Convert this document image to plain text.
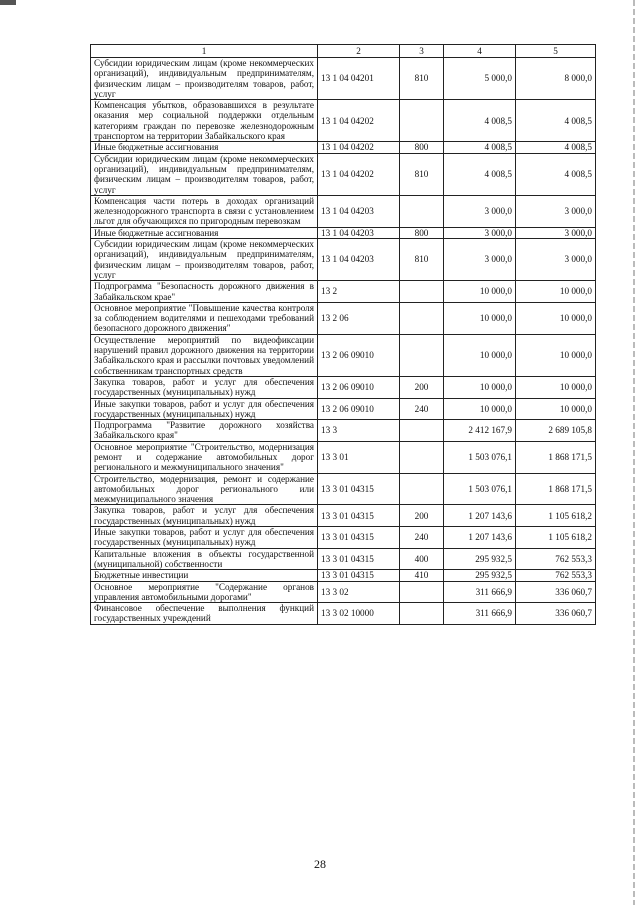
1	2	3	4	5
Субсидии юридическим лицам (кроме некоммерческих организаций), индивидуальным предпринимателям, физическим лицам – производителям товаров, работ, услуг	13 1 04 04201	810	5 000,0	8 000,0
Компенсация убытков, образовавшихся в результате оказания мер социальной поддержки отдельным категориям граждан по перевозке железнодорожным транспортом на территории Забайкальского края	13 1 04 04202		4 008,5	4 008,5
Иные бюджетные ассигнования	13 1 04 04202	800	4 008,5	4 008,5
Субсидии юридическим лицам (кроме некоммерческих организаций), индивидуальным предпринимателям, физическим лицам – производителям товаров, работ, услуг	13 1 04 04202	810	4 008,5	4 008,5
Компенсация части потерь в доходах организаций железнодорожного транспорта в связи с установлением льгот для обучающихся по пригородным перевозкам	13 1 04 04203		3 000,0	3 000,0
Иные бюджетные ассигнования	13 1 04 04203	800	3 000,0	3 000,0
Субсидии юридическим лицам (кроме некоммерческих организаций), индивидуальным предпринимателям, физическим лицам – производителям товаров, работ, услуг	13 1 04 04203	810	3 000,0	3 000,0
Подпрограмма "Безопасность дорожного движения в Забайкальском крае"	13 2		10 000,0	10 000,0
Основное мероприятие "Повышение качества контроля за соблюдением водителями и пешеходами требований безопасного дорожного движения"	13 2 06		10 000,0	10 000,0
Осуществление мероприятий по видеофиксации нарушений правил дорожного движения на территории Забайкальского края и рассылки почтовых уведомлений собственникам транспортных средств	13 2 06 09010		10 000,0	10 000,0
Закупка товаров, работ и услуг для обеспечения государственных (муниципальных) нужд	13 2 06 09010	200	10 000,0	10 000,0
Иные закупки товаров, работ и услуг для обеспечения государственных (муниципальных) нужд	13 2 06 09010	240	10 000,0	10 000,0
Подпрограмма "Развитие дорожного хозяйства Забайкальского края"	13 3		2 412 167,9	2 689 105,8
Основное мероприятие "Строительство, модернизация ремонт и содержание автомобильных дорог регионального и межмуниципального значения"	13 3 01		1 503 076,1	1 868 171,5
Строительство, модернизация, ремонт и содержание автомобильных дорог регионального или межмуниципального значения	13 3 01 04315		1 503 076,1	1 868 171,5
Закупка товаров, работ и услуг для обеспечения государственных (муниципальных) нужд	13 3 01 04315	200	1 207 143,6	1 105 618,2
Иные закупки товаров, работ и услуг для обеспечения государственных (муниципальных) нужд	13 3 01 04315	240	1 207 143,6	1 105 618,2
Капитальные вложения в объекты государственной (муниципальной) собственности	13 3 01 04315	400	295 932,5	762 553,3
Бюджетные инвестиции	13 3 01 04315	410	295 932,5	762 553,3
Основное мероприятие "Содержание органов управления автомобильными дорогами"	13 3 02		311 666,9	336 060,7
Финансовое обеспечение выполнения функций государственных учреждений	13 3 02 10000		311 666,9	336 060,7
28
